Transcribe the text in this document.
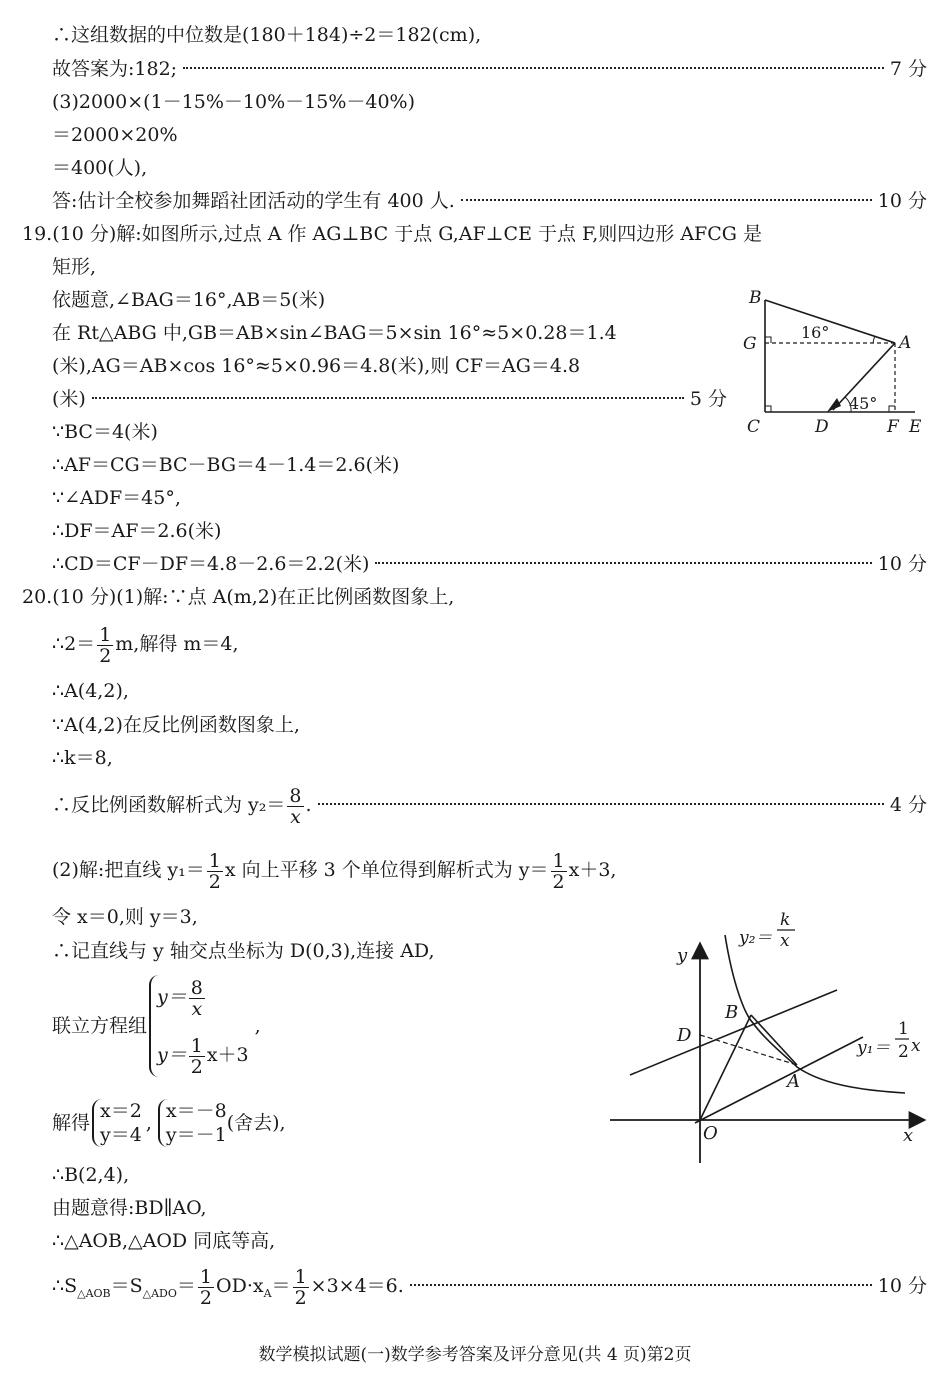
∴这组数据的中位数是(180＋184)÷2＝182(cm),
故答案为:182;	7 分
(3)2000×(1－15%－10%－15%－40%)
＝2000×20%
＝400(人),
答:估计全校参加舞蹈社团活动的学生有 400 人.	10 分
19.(10 分)解:如图所示,过点 A 作 AG⊥BC 于点 G,AF⊥CE 于点 F,则四边形 AFCG 是
矩形,
依题意,∠BAG＝16°,AB＝5(米)
在 Rt△ABG 中,GB＝AB×sin∠BAG＝5×sin 16°≈5×0.28＝1.4
(米),AG＝AB×cos 16°≈5×0.96＝4.8(米),则 CF＝AG＝4.8
(米)	5 分
∵BC＝4(米)
∴AF＝CG＝BC－BG＝4－1.4＝2.6(米)
∵∠ADF＝45°,
∴DF＝AF＝2.6(米)
∴CD＝CF－DF＝4.8－2.6＝2.2(米)	10 分
B
G	A
C	D	F E
16°
45°
20.(10 分)(1)解:∵点 A(m,2)在正比例函数图象上,
∴2＝ $\frac{1}{2} m$,解得 m＝4,
∴A(4,2),
∵A(4,2)在反比例函数图象上,
∴k＝8,
∴反比例函数解析式为 $y_2= \frac{8}{x}$ .	4 分
(2)解:把直线 $y_1= \frac{1}{2}$ x 向上平移 3 个单位得到解析式为 $y= \frac{1}{2} x+3$,
令 x＝0,则 y＝3,
∴记直线与 y 轴交点坐标为 D(0,3),连接 AD,
联立方程组
$y= \frac{8}{x}$
$y= \frac{1}{2} x+3$
,
解得
x＝2
y＝4
,
x＝－8
y＝－1
(舍去),
∴B(2,4),
由题意得:BD∥AO,
∴△AOB,△AOD 同底等高,
$\therefore S_{\triangle AOB}=S_{\triangle ADO}= \frac{1}{2} OD\cdot x_A= \frac{1}{2} \times 3\times 4=6$.	10 分
y
x
O
D
B
A
y₂＝
k
x
y₁＝
1
2 x
数学模拟试题(一)数学参考答案及评分意见(共 4 页)第2页
